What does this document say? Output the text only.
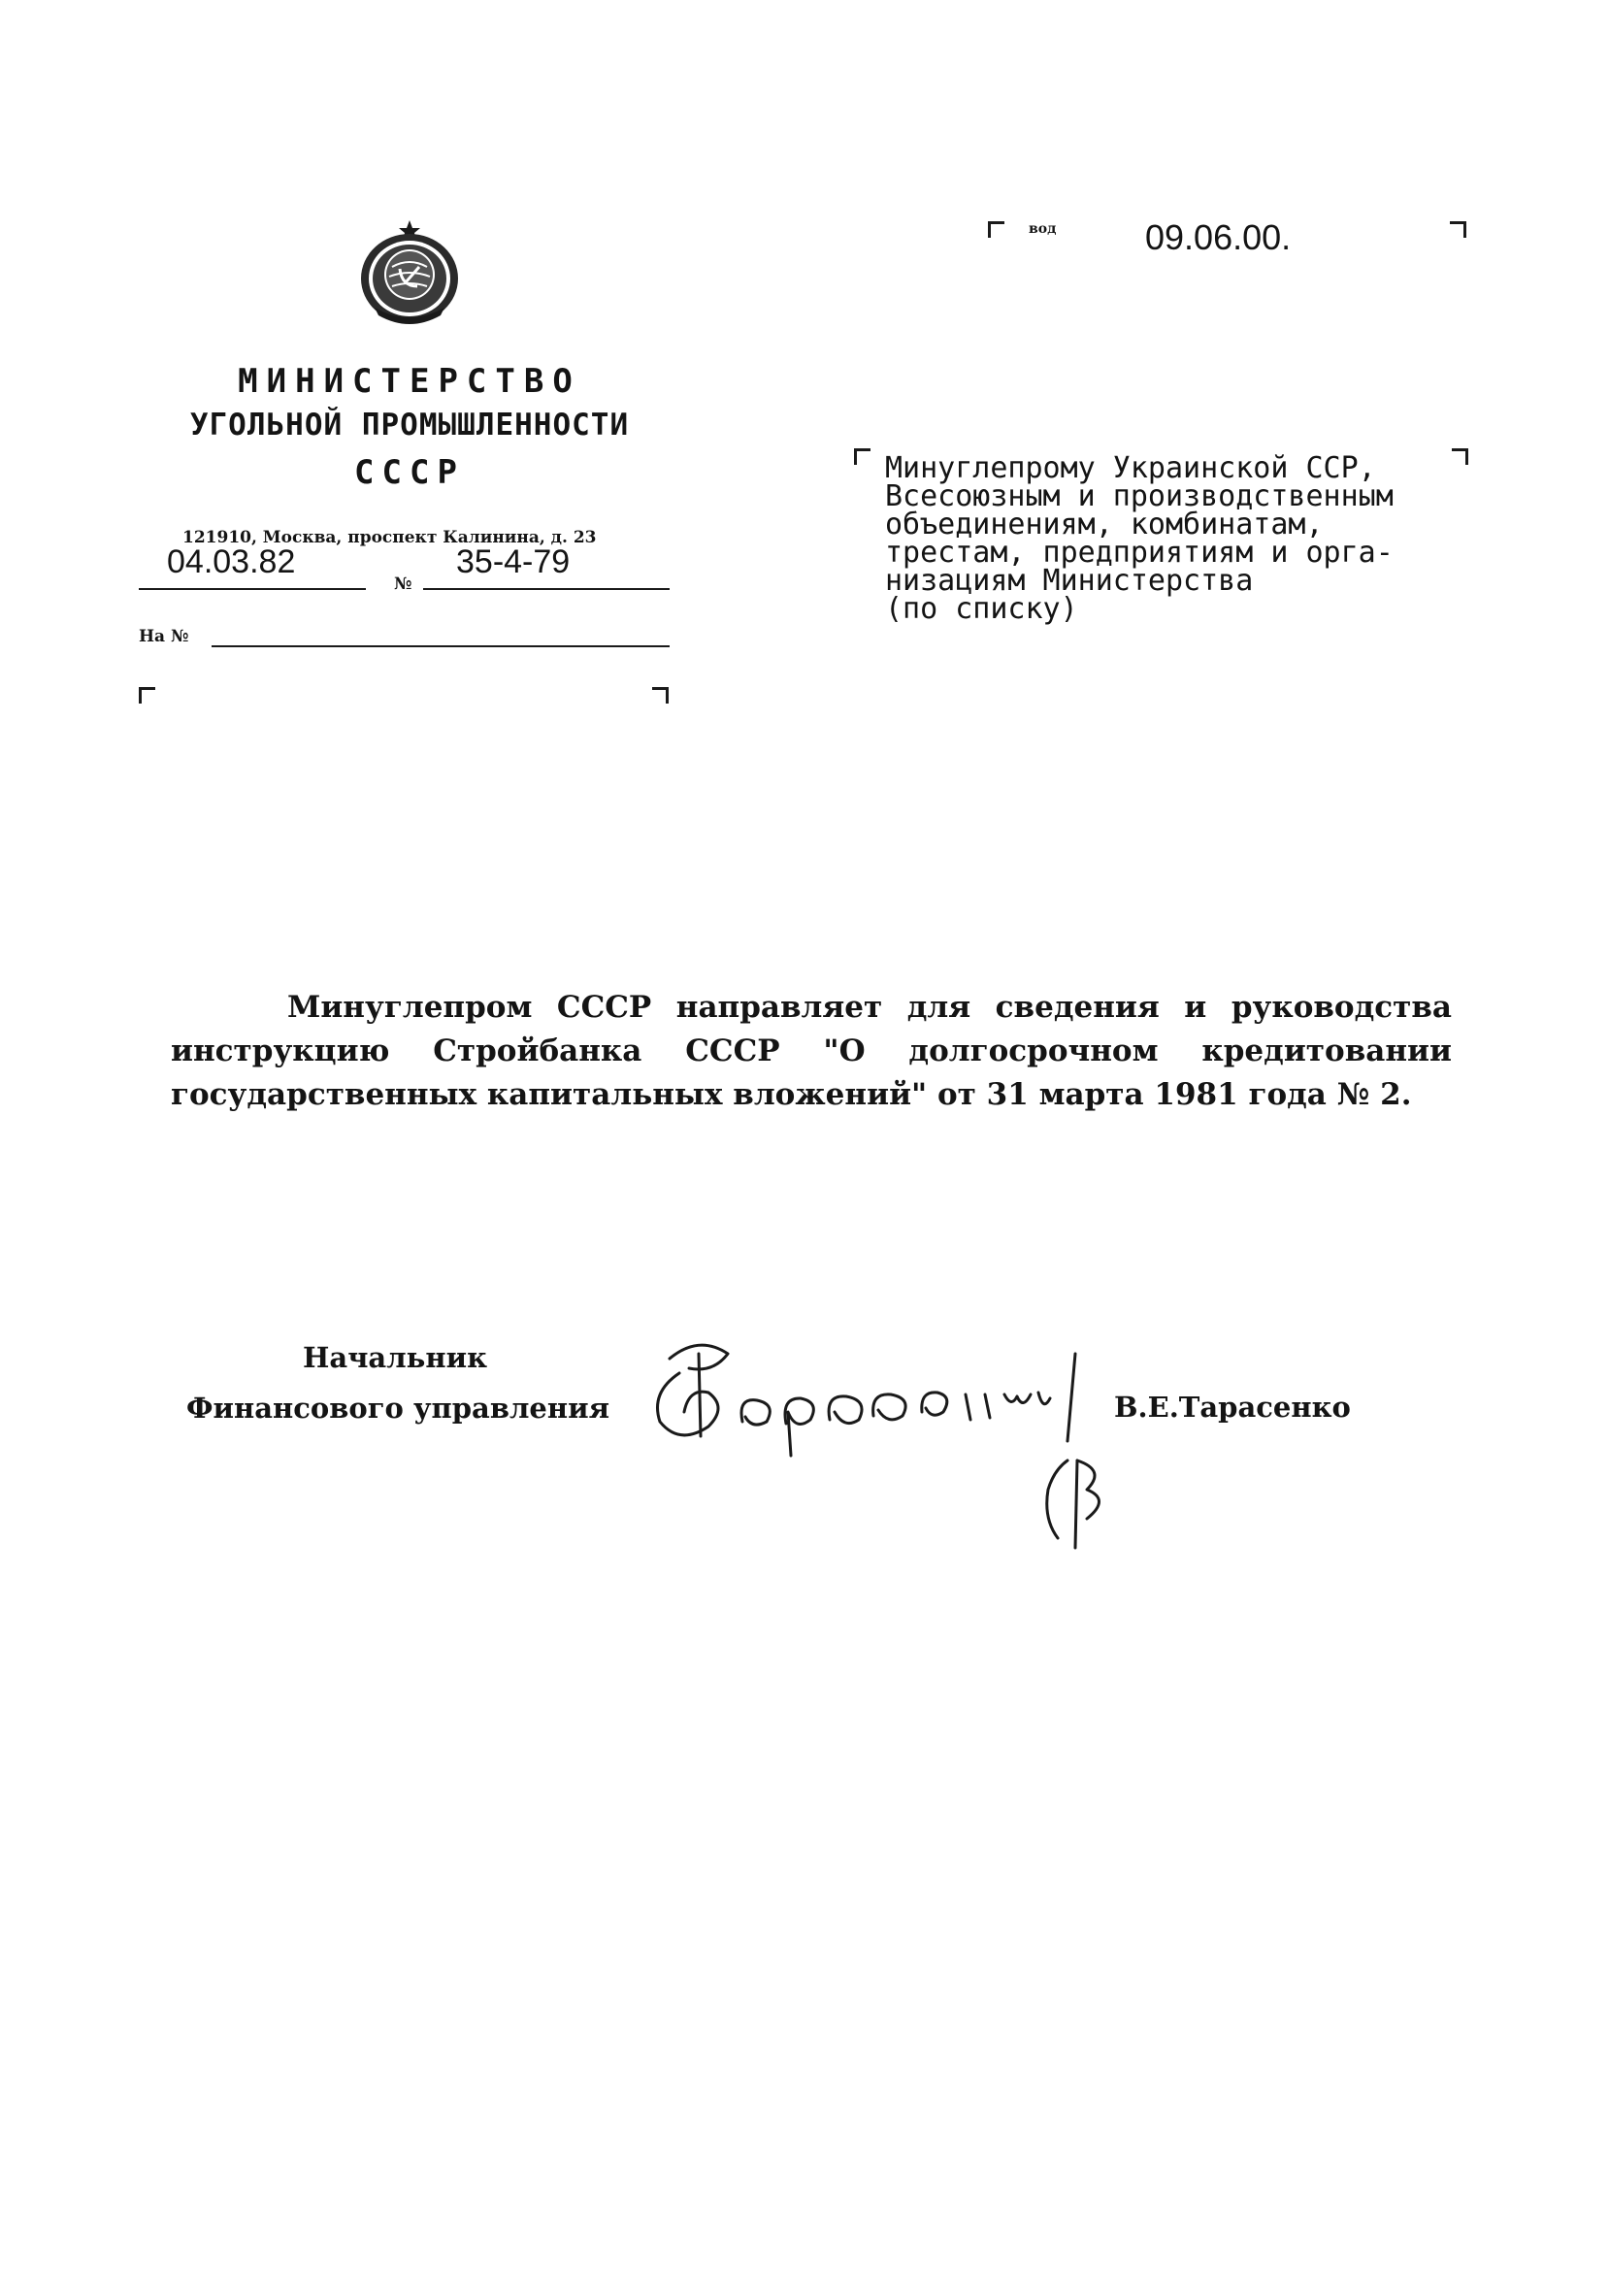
МИНИСТЕРСТВО
УГОЛЬНОЙ ПРОМЫШЛЕННОСТИ
СССР
121910, Москва, проспект Калинина, д. 23
04.03.82
№
35-4-79
На №
вод	09.06.00.
Минуглепрому Украинской ССР,
Всесоюзным и производственным
объединениям, комбинатам,
трестам, предприятиям и орга-
низациям Министерства
(по списку)
Минуглепром СССР направляет для сведения и руководства инструкцию Стройбанка СССР "О долгосрочном кредитовании государственных капитальных вложений" от 31 марта 1981 года № 2.
Начальник
Финансового управления	В.Е.Тарасенко
